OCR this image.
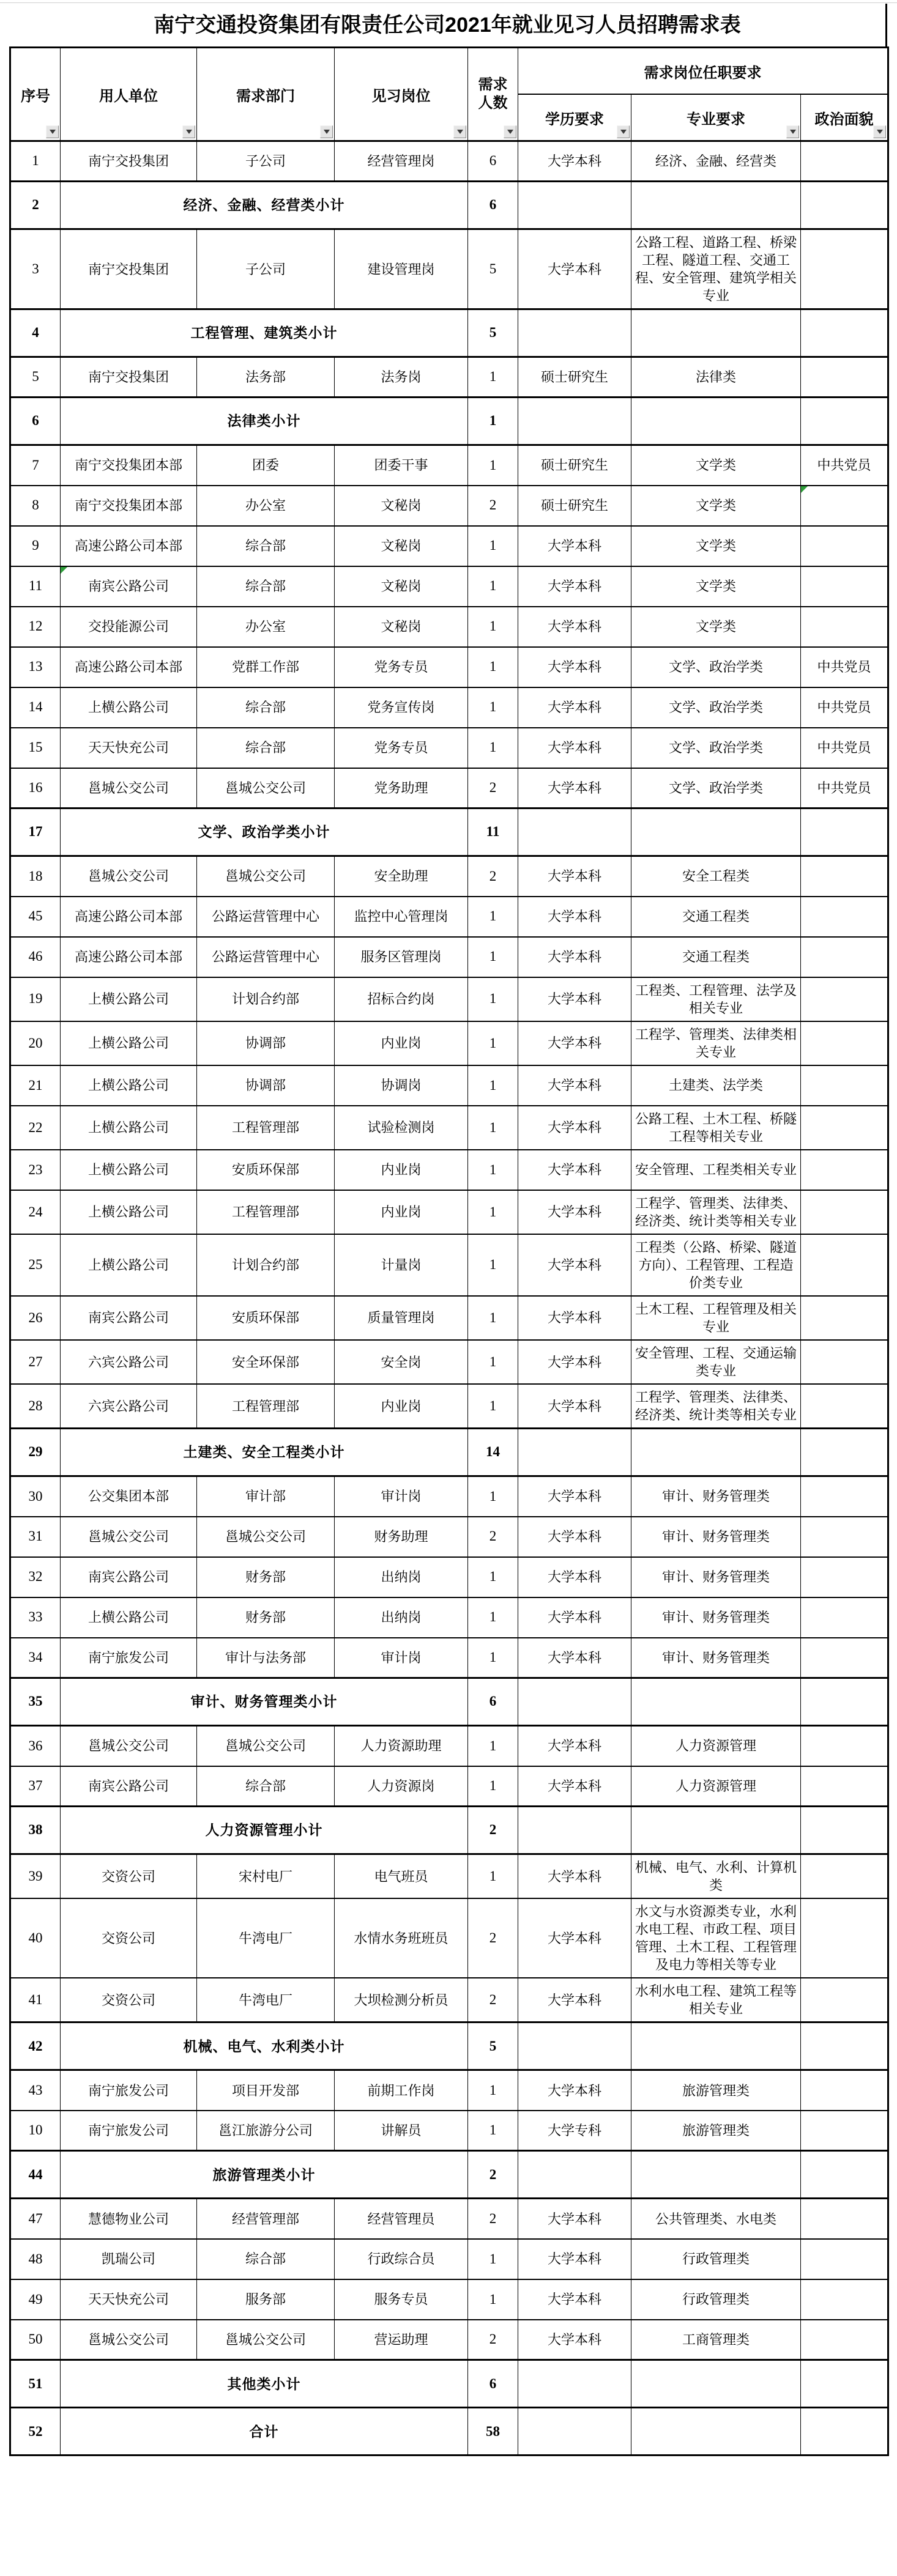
南宁交通投资集团有限责任公司2021年就业见习人员招聘需求表
序号	用人单位	需求部门	见习岗位	需求人数	需求岗位任职要求		
					学历要求	专业要求	政治面貌

1	南宁交投集团	子公司	经营管理岗	6	大学本科	经济、金融、经营类	
2	经济、金融、经营类小计			6			
3	南宁交投集团	子公司	建设管理岗	5	大学本科	公路工程、道路工程、桥梁工程、隧道工程、交通工程、安全管理、建筑学相关专业	
4	工程管理、建筑类小计			5			
5	南宁交投集团	法务部	法务岗	1	硕士研究生	法律类	
6	法律类小计			1			
7	南宁交投集团本部	团委	团委干事	1	硕士研究生	文学类	中共党员
8	南宁交投集团本部	办公室	文秘岗	2	硕士研究生	文学类	

9	高速公路公司本部	综合部	文秘岗	1	大学本科	文学类	
11	南宾公路公司	综合部	文秘岗	1	大学本科	文学类	
12	交投能源公司	办公室	文秘岗	1	大学本科	文学类	
13	高速公路公司本部	党群工作部	党务专员	1	大学本科	文学、政治学类	中共党员
14	上横公路公司	综合部	党务宣传岗	1	大学本科	文学、政治学类	中共党员
15	天天快充公司	综合部	党务专员	1	大学本科	文学、政治学类	中共党员
16	邕城公交公司	邕城公交公司	党务助理	2	大学本科	文学、政治学类	中共党员
17	文学、政治学类小计			11			
18	邕城公交公司	邕城公交公司	安全助理	2	大学本科	安全工程类	
45	高速公路公司本部	公路运营管理中心	监控中心管理岗	1	大学本科	交通工程类	
46	高速公路公司本部	公路运营管理中心	服务区管理岗	1	大学本科	交通工程类	
19	上横公路公司	计划合约部	招标合约岗	1	大学本科	工程类、工程管理、法学及相关专业	
20	上横公路公司	协调部	内业岗	1	大学本科	工程学、管理类、法律类相关专业	
21	上横公路公司	协调部	协调岗	1	大学本科	土建类、法学类	
22	上横公路公司	工程管理部	试验检测岗	1	大学本科	公路工程、土木工程、桥隧工程等相关专业	
23	上横公路公司	安质环保部	内业岗	1	大学本科	安全管理、工程类相关专业	
24	上横公路公司	工程管理部	内业岗	1	大学本科	工程学、管理类、法律类、经济类、统计类等相关专业	
25	上横公路公司	计划合约部	计量岗	1	大学本科	工程类（公路、桥梁、隧道方向）、工程管理、工程造价类专业	
26	南宾公路公司	安质环保部	质量管理岗	1	大学本科	土木工程、工程管理及相关专业	
27	六宾公路公司	安全环保部	安全岗	1	大学本科	安全管理、工程、交通运输类专业	
28	六宾公路公司	工程管理部	内业岗	1	大学本科	工程学、管理类、法律类、经济类、统计类等相关专业	
29	土建类、安全工程类小计			14			
30	公交集团本部	审计部	审计岗	1	大学本科	审计、财务管理类	
31	邕城公交公司	邕城公交公司	财务助理	2	大学本科	审计、财务管理类	
32	南宾公路公司	财务部	出纳岗	1	大学本科	审计、财务管理类	
33	上横公路公司	财务部	出纳岗	1	大学本科	审计、财务管理类	
34	南宁旅发公司	审计与法务部	审计岗	1	大学本科	审计、财务管理类	
35	审计、财务管理类小计			6			
36	邕城公交公司	邕城公交公司	人力资源助理	1	大学本科	人力资源管理	
37	南宾公路公司	综合部	人力资源岗	1	大学本科	人力资源管理	
38	人力资源管理小计			2			
39	交资公司	宋村电厂	电气班员	1	大学本科	机械、电气、水利、计算机类	
40	交资公司	牛湾电厂	水情水务班班员	2	大学本科	水文与水资源类专业，水利水电工程、市政工程、项目管理、土木工程、工程管理及电力等相关等专业	
41	交资公司	牛湾电厂	大坝检测分析员	2	大学本科	水利水电工程、建筑工程等相关专业	
42	机械、电气、水利类小计			5			
43	南宁旅发公司	项目开发部	前期工作岗	1	大学本科	旅游管理类	
10	南宁旅发公司	邕江旅游分公司	讲解员	1	大学专科	旅游管理类	
44	旅游管理类小计			2			
47	慧德物业公司	经营管理部	经营管理员	2	大学本科	公共管理类、水电类	
48	凯瑞公司	综合部	行政综合员	1	大学本科	行政管理类	
49	天天快充公司	服务部	服务专员	1	大学本科	行政管理类	
50	邕城公交公司	邕城公交公司	营运助理	2	大学本科	工商管理类	
51	其他类小计			6			
52	合计			58			
